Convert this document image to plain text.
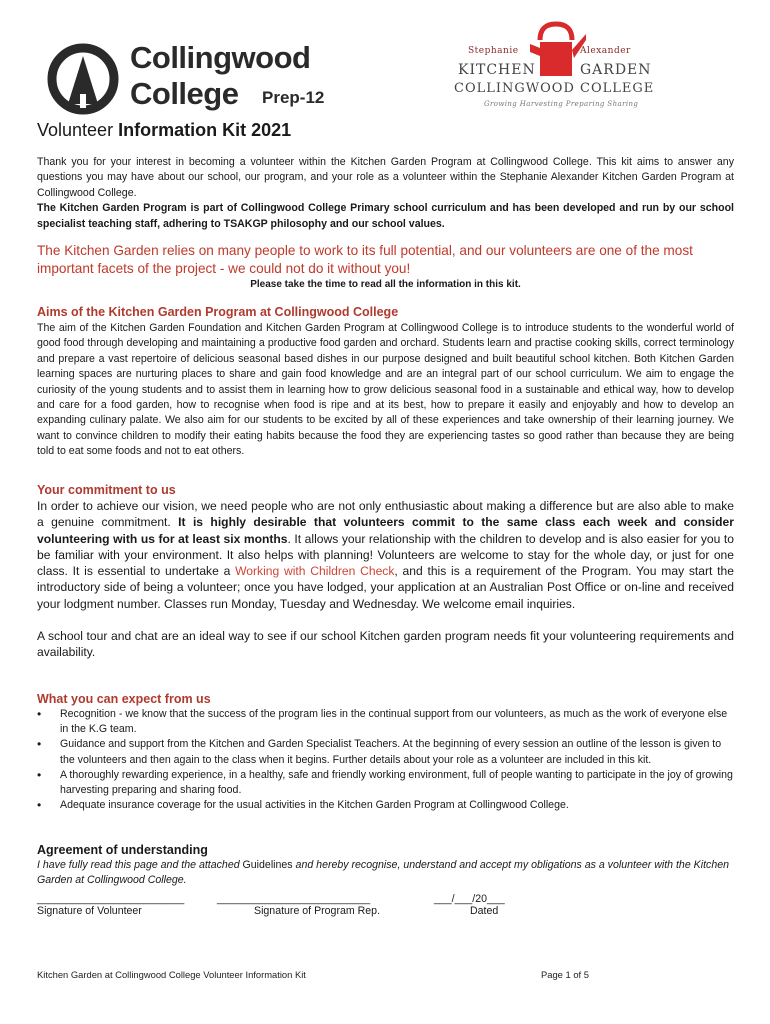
Collingwood
College Prep-12
Stephanie	Alexander
KITCHEN	GARDEN
COLLINGWOOD COLLEGE
Growing Harvesting Preparing Sharing
Volunteer Information Kit 2021

Thank you for your interest in becoming a volunteer within the Kitchen Garden Program at Collingwood College. This kit aims to answer any questions you may have about our school, our program, and your role as a volunteer within the Stephanie Alexander Kitchen Garden Program at Collingwood College.

The Kitchen Garden Program is part of Collingwood College Primary school curriculum and has been developed and run by our school specialist teaching staff, adhering to TSAKGP philosophy and our school values.

The Kitchen Garden relies on many people to work to its full potential, and our volunteers are one of the most important facets of the project - we could not do it without you!

Please take the time to read all the information in this kit.

Aims of the Kitchen Garden Program at Collingwood College

The aim of the Kitchen Garden Foundation and Kitchen Garden Program at Collingwood College is to introduce students to the wonderful world of good food through developing and maintaining a productive food garden and orchard. Students learn and practise cooking skills, correct terminology and prepare a vast repertoire of delicious seasonal based dishes in our purpose designed and built beautiful school kitchen. Both Kitchen Garden learning spaces are nurturing places to share and gain food knowledge and are an integral part of our school curriculum. We aim to engage the curiosity of the young students and to assist them in learning how to grow delicious seasonal food in a sustainable and ethical way, how to develop and care for a food garden, how to recognise when food is ripe and at its best, how to prepare it easily and enjoyably and how to develop an expanding culinary palate. We also aim for our students to be excited by all of these experiences and take ownership of their learning journey. We want to convince children to modify their eating habits because the food they are experiencing tastes so good rather than because they are being told to eat some foods and not to eat others.

Your commitment to us

In order to achieve our vision, we need people who are not only enthusiastic about making a difference but are also able to make a genuine commitment. It is highly desirable that volunteers commit to the same class each week and consider volunteering with us for at least six months. It allows your relationship with the children to develop and is also easier for you to be familiar with your environment. It also helps with planning! Volunteers are welcome to stay for the whole day, or just for one class. It is essential to undertake a Working with Children Check, and this is a requirement of the Program. You may start the introductory side of being a volunteer; once you have lodged, your application at an Australian Post Office or on-line and received your lodgment number. Classes run Monday, Tuesday and Wednesday. We welcome email inquiries.

A school tour and chat are an ideal way to see if our school Kitchen garden program needs fit your volunteering requirements and availability.

What you can expect from us

• Recognition - we know that the success of the program lies in the continual support from our volunteers, as much as the work of everyone else in the K.G team.
• Guidance and support from the Kitchen and Garden Specialist Teachers. At the beginning of every session an outline of the lesson is given to the volunteers and then again to the class when it begins. Further details about your role as a volunteer are included in this kit.
• A thoroughly rewarding experience, in a healthy, safe and friendly working environment, full of people wanting to participate in the joy of growing harvesting preparing and sharing food.
• Adequate insurance coverage for the usual activities in the Kitchen Garden Program at Collingwood College.

Agreement of understanding

I have fully read this page and the attached Guidelines and hereby recognise, understand and accept my obligations as a volunteer with the Kitchen Garden at Collingwood College.

_________________________
Signature of Volunteer
__________________________
Signature of Program Rep.
___/___/20___
Dated
Kitchen Garden at Collingwood College Volunteer Information Kit	Page 1 of 5
